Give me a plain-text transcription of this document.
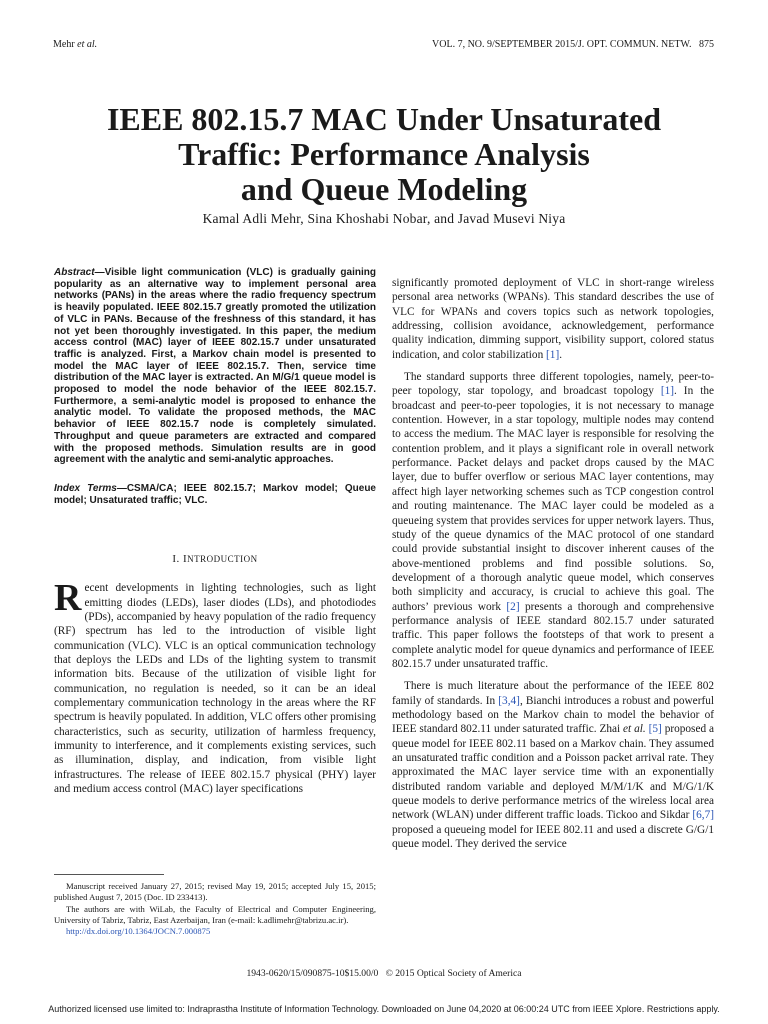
Mehr et al.	VOL. 7, NO. 9/SEPTEMBER 2015/J. OPT. COMMUN. NETW. 875
IEEE 802.15.7 MAC Under Unsaturated
Traffic: Performance Analysis
and Queue Modeling
Kamal Adli Mehr, Sina Khoshabi Nobar, and Javad Musevi Niya

Abstract—Visible light communication (VLC) is gradually gaining popularity as an alternative way to implement personal area networks (PANs) in the areas where the radio frequency spectrum is heavily populated. IEEE 802.15.7 greatly promoted the utilization of VLC in PANs. Because of the freshness of this standard, it has not yet been thoroughly investigated. In this paper, the medium access control (MAC) layer of IEEE 802.15.7 under unsaturated traffic is analyzed. First, a Markov chain model is presented to model the MAC layer of IEEE 802.15.7. Then, service time distribution of the MAC layer is extracted. An M/G/1 queue model is proposed to model the node behavior of the IEEE 802.15.7. Furthermore, a semi-analytic model is proposed to enhance the analytic model. To validate the proposed methods, the MAC behavior of IEEE 802.15.7 node is completely simulated. Throughput and queue parameters are extracted and compared with the proposed methods. Simulation results are in good agreement with the analytic and semi-analytic approaches.

Index Terms—CSMA/CA; IEEE 802.15.7; Markov model; Queue model; Unsaturated traffic; VLC.

I. INTRODUCTION

Recent developments in lighting technologies, such as light emitting diodes (LEDs), laser diodes (LDs), and photodiodes (PDs), accompanied by heavy population of the radio frequency (RF) spectrum has led to the introduction of visible light communication (VLC). VLC is an optical communication technology that deploys the LEDs and LDs of the lighting system to transmit information bits. Because of the utilization of visible light for communication, no regulation is needed, so it can be an ideal complementary communication technology in the areas where the RF spectrum is heavily populated. In addition, VLC offers other promising characteristics, such as security, utilization of harmless frequency, immunity to interference, and it complements existing services, such as illumination, display, and indication, from visible light infrastructures. The release of IEEE 802.15.7 physical (PHY) layer and medium access control (MAC) layer specifications

Manuscript received January 27, 2015; revised May 19, 2015; accepted July 15, 2015; published August 7, 2015 (Doc. ID 233413).

The authors are with WiLab, the Faculty of Electrical and Computer Engineering, University of Tabriz, Tabriz, East Azerbaijan, Iran (e-mail: k.adlimehr@tabrizu.ac.ir).

http://dx.doi.org/10.1364/JOCN.7.000875

significantly promoted deployment of VLC in short-range wireless personal area networks (WPANs). This standard describes the use of VLC for WPANs and covers topics such as network topologies, addressing, collision avoidance, acknowledgement, performance quality indication, dimming support, visibility support, colored status indication, and color stabilization [1].

The standard supports three different topologies, namely, peer-to-peer topology, star topology, and broadcast topology [1]. In the broadcast and peer-to-peer topologies, it is not necessary to manage contention. However, in a star topology, multiple nodes may contend to access the medium. The MAC layer is responsible for resolving the contention problem, and it plays a significant role in overall network performance. Packet delays and packet drops caused by the MAC layer, due to buffer overflow or serious MAC layer contentions, may affect high layer networking schemes such as TCP congestion control and routing maintenance. The MAC layer could be modeled as a queueing system that provides services for upper network layers. Thus, study of the queue dynamics of the MAC protocol of one standard could provide substantial insight to discover inherent causes of the above-mentioned problems and find possible solutions. So, development of a thorough analytic queue model, which conserves both simplicity and accuracy, is crucial to achieve this goal. The authors’ previous work [2] presents a thorough and comprehensive performance analysis of IEEE standard 802.15.7 under saturated traffic. This paper follows the footsteps of that work to present a complete analytic model for queue dynamics and performance of IEEE 802.15.7 under unsaturated traffic.

There is much literature about the performance of the IEEE 802 family of standards. In [3,4], Bianchi introduces a robust and powerful methodology based on the Markov chain to model the behavior of IEEE standard 802.11 under saturated traffic. Zhai et al. [5] proposed a queue model for IEEE 802.11 based on a Markov chain. They assumed an unsaturated traffic condition and a Poisson packet arrival rate. They approximated the MAC layer service time with an exponentially distributed random variable and deployed M/M/1/K and M/G/1/K queue models to derive performance metrics of the wireless local area network (WLAN) under different traffic loads. Tickoo and Sikdar [6,7] proposed a queueing model for IEEE 802.11 and used a discrete G/G/1 queue model. They derived the service

1943-0620/15/090875-10$15.00/0 © 2015 Optical Society of America
Authorized licensed use limited to: Indraprastha Institute of Information Technology. Downloaded on June 04,2020 at 06:00:24 UTC from IEEE Xplore. Restrictions apply.
